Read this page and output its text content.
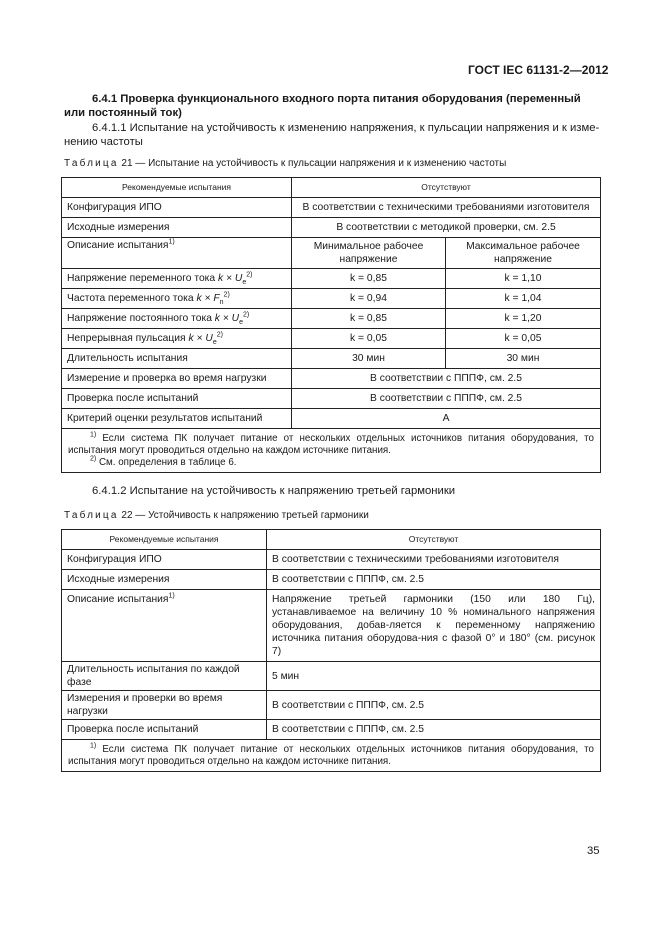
ГОСТ IEC 61131-2—2012

6.4.1 Проверка функционального входного порта питания оборудования (переменный или постоянный ток)

6.4.1.1 Испытание на устойчивость к изменению напряжения, к пульсации напряжения и к изме-нению частоты

Таблица 21 — Испытание на устойчивость к пульсации напряжения и к изменению частоты
Рекомендуемые испытания	Отсутствуют	
Конфигурация ИПО	В соответствии с техническими требованиями изготовителя	
Исходные измерения	В соответствии с методикой проверки, см. 2.5	
Описание испытания$^{1)}$	Минимальное рабочее напряжение	Максимальное рабочее напряжение
Напряжение переменного тока $k \times U_e^{2)}$	k = 0,85	k = 1,10
Частота переменного тока $k \times F_n^{2)}$	k = 0,94	k = 1,04
Напряжение постоянного тока $k \times U_e^{2)}$	k = 0,85	k = 1,20
Непрерывная пульсация $k \times U_e^{2)}$	k = 0,05	k = 0,05
Длительность испытания	30 мин	30 мин
Измерение и проверка во время нагрузки	В соответствии с ПППФ, см. 2.5	
Проверка после испытаний	В соответствии с ПППФ, см. 2.5	
Критерий оценки результатов испытаний	A	

$^{1)}$ Если система ПК получает питание от нескольких отдельных источников питания оборудования, то испытания могут проводиться отдельно на каждом источнике питания.
$^{2)}$ См. определения в таблице 6.		

6.4.1.2 Испытание на устойчивость к напряжению третьей гармоники

Таблица 22 — Устойчивость к напряжению третьей гармоники
Рекомендуемые испытания	Отсутствуют
Конфигурация ИПО	В соответствии с техническими требованиями изготовителя
Исходные измерения	В соответствии с ПППФ, см. 2.5
Описание испытания$^{1)}$	Напряжение третьей гармоники (150 или 180 Гц), устанавливаемое на величину 10 % номинального напряжения оборудования, добав-ляется к переменному напряжению источника питания оборудова-ния с фазой 0° и 180° (см. рисунок 7)
Длительность испытания по каждой фазе	5 мин
Измерения и проверки во время нагрузки	В соответствии с ПППФ, см. 2.5
Проверка после испытаний	В соответствии с ПППФ, см. 2.5

$^{1)}$ Если система ПК получает питание от нескольких отдельных источников питания оборудования, то испытания могут проводиться отдельно на каждом источнике питания.	
35
